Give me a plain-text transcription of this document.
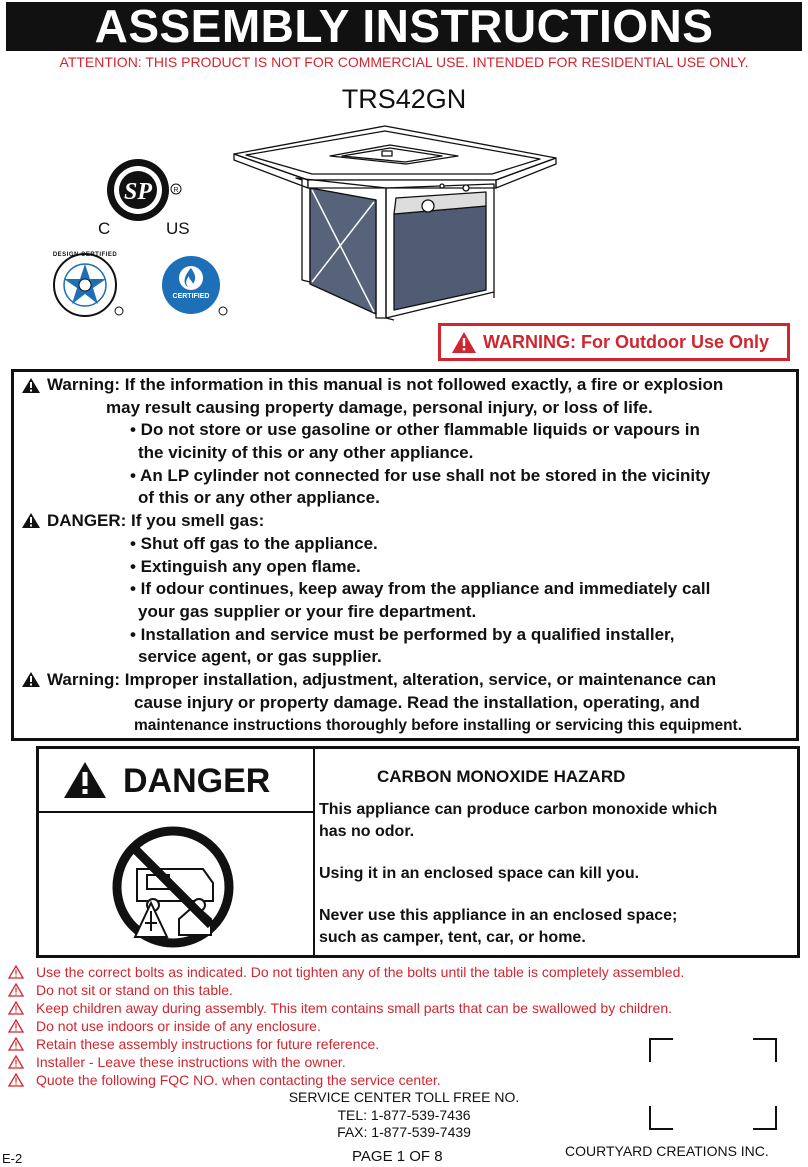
ASSEMBLY INSTRUCTIONS
ATTENTION: THIS PRODUCT IS NOT FOR COMMERCIAL USE. INTENDED FOR RESIDENTIAL USE ONLY.
TRS42GN
SP	R
C	US
DESIGN CERTIFIED
CERTIFIED
WARNING: For Outdoor Use Only
Warning: If the information in this manual is not followed exactly, a fire or explosion
may result causing property damage, personal injury, or loss of life.
• Do not store or use gasoline or other flammable liquids or vapours in
the vicinity of this or any other appliance.
• An LP cylinder not connected for use shall not be stored in the vicinity
of this or any other appliance.
DANGER: If you smell gas:
• Shut off gas to the appliance.
• Extinguish any open flame.
• If odour continues, keep away from the appliance and immediately call
your gas supplier or your fire department.
• Installation and service must be performed by a qualified installer,
service agent, or gas supplier.
Warning: Improper installation, adjustment, alteration, service, or maintenance can
cause injury or property damage. Read the installation, operating, and
maintenance instructions thoroughly before installing or servicing this equipment.
DANGER	CARBON MONOXIDE HAZARD
This appliance can produce carbon monoxide which
has no odor.
Using it in an enclosed space can kill you.
Never use this appliance in an enclosed space;
such as camper, tent, car, or home.
Use the correct bolts as indicated. Do not tighten any of the bolts until the table is completely assembled.
Do not sit or stand on this table.
Keep children away during assembly. This item contains small parts that can be swallowed by children.
Do not use indoors or inside of any enclosure.
Retain these assembly instructions for future reference.
Installer - Leave these instructions with the owner.
Quote the following FQC NO. when contacting the service center.
SERVICE CENTER TOLL FREE NO.
TEL: 1-877-539-7436
FAX: 1-877-539-7439
E-2	PAGE 1 OF 8	COURTYARD CREATIONS INC.
